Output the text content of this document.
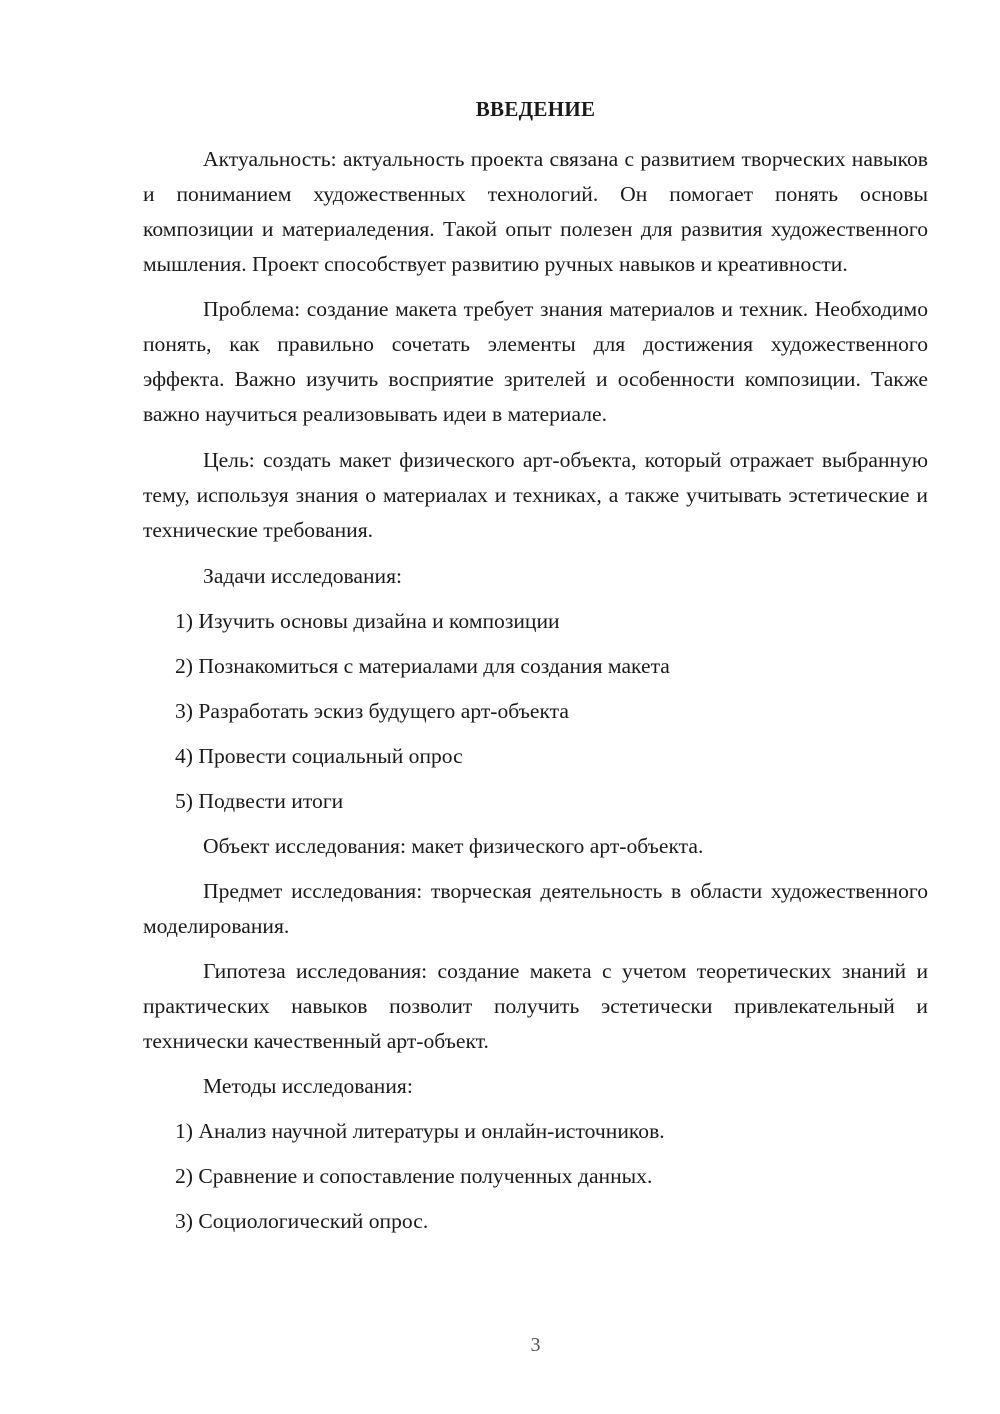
ВВЕДЕНИЕ

Актуальность: актуальность проекта связана с развитием творческих навыков и пониманием художественных технологий. Он помогает понять основы композиции и материаледения. Такой опыт полезен для развития художественного мышления. Проект способствует развитию ручных навыков и креативности.

Проблема: создание макета требует знания материалов и техник. Необходимо понять, как правильно сочетать элементы для достижения художественного эффекта. Важно изучить восприятие зрителей и особенности композиции. Также важно научиться реализовывать идеи в материале.

Цель: создать макет физического арт-объекта, который отражает выбранную тему, используя знания о материалах и техниках, а также учитывать эстетические и технические требования.

Задачи исследования:

1) Изучить основы дизайна и композиции

2) Познакомиться с материалами для создания макета

3) Разработать эскиз будущего арт-объекта

4) Провести социальный опрос

5) Подвести итоги

Объект исследования: макет физического арт-объекта.

Предмет исследования: творческая деятельность в области художественного моделирования.

Гипотеза исследования: создание макета с учетом теоретических знаний и практических навыков позволит получить эстетически привлекательный и технически качественный арт-объект.

Методы исследования:

1) Анализ научной литературы и онлайн-источников.

2) Сравнение и сопоставление полученных данных.

3) Социологический опрос.

3
